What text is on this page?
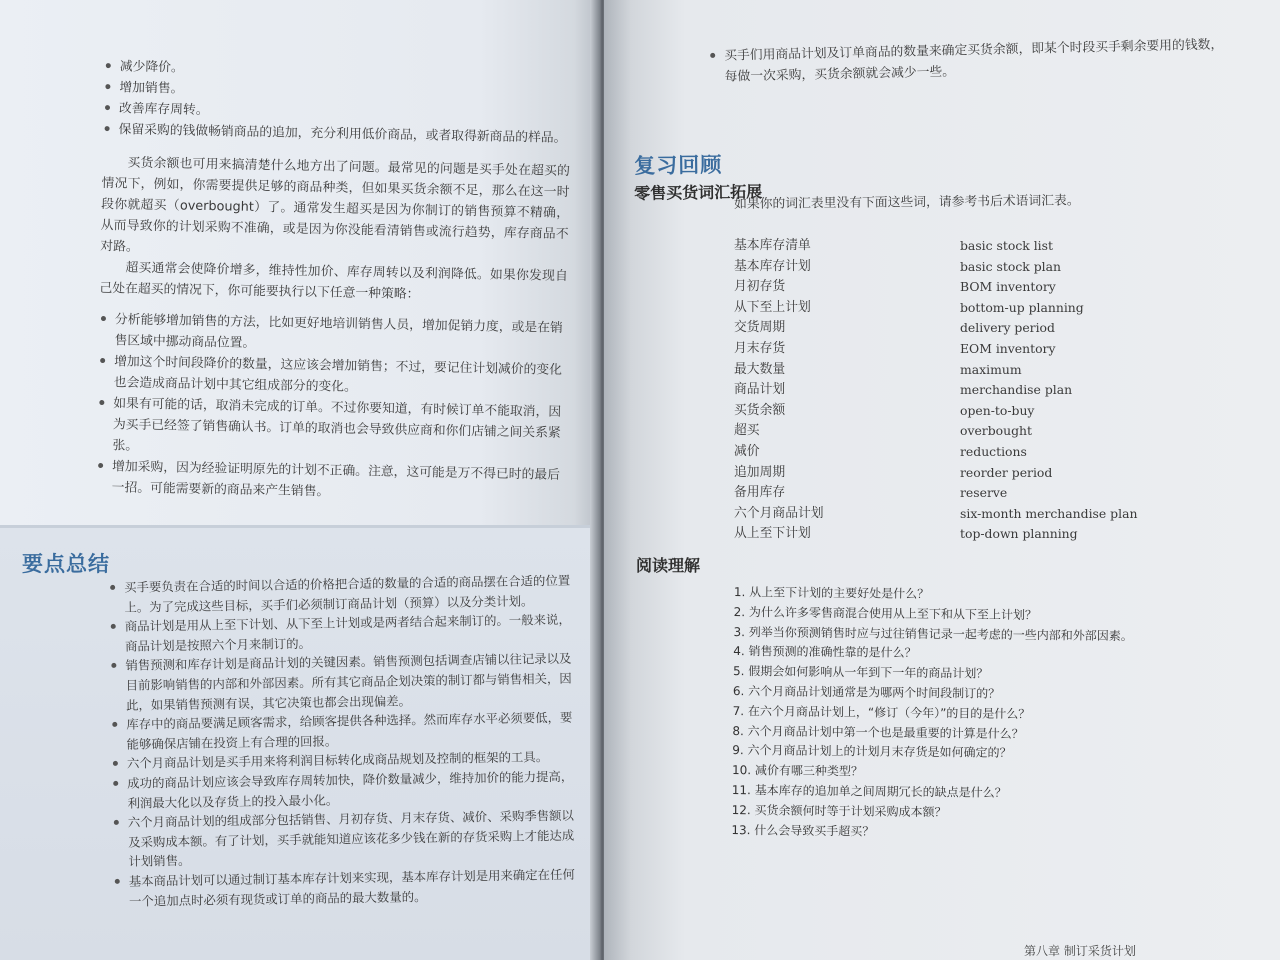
减少降价。
增加销售。
改善库存周转。
保留采购的钱做畅销商品的追加，充分利用低价商品，或者取得新商品的样品。

买货余额也可用来搞清楚什么地方出了问题。最常见的问题是买手处在超买的情况下，例如，你需要提供足够的商品种类，但如果买货余额不足，那么在这一时段你就超买（overbought）了。通常发生超买是因为你制订的销售预算不精确，从而导致你的计划采购不准确，或是因为你没能看清销售或流行趋势，库存商品不对路。

超买通常会使降价增多，维持性加价、库存周转以及利润降低。如果你发现自己处在超买的情况下，你可能要执行以下任意一种策略：

分析能够增加销售的方法，比如更好地培训销售人员，增加促销力度，或是在销售区域中挪动商品位置。
增加这个时间段降价的数量，这应该会增加销售；不过，要记住计划减价的变化也会造成商品计划中其它组成部分的变化。
如果有可能的话，取消未完成的订单。不过你要知道，有时候订单不能取消，因为买手已经签了销售确认书。订单的取消也会导致供应商和你们店铺之间关系紧张。
增加采购，因为经验证明原先的计划不正确。注意，这可能是万不得已时的最后一招。可能需要新的商品来产生销售。
要点总结
买手要负责在合适的时间以合适的价格把合适的数量的合适的商品摆在合适的位置上。为了完成这些目标，买手们必须制订商品计划（预算）以及分类计划。
商品计划是用从上至下计划、从下至上计划或是两者结合起来制订的。一般来说，商品计划是按照六个月来制订的。
销售预测和库存计划是商品计划的关键因素。销售预测包括调查店铺以往记录以及目前影响销售的内部和外部因素。所有其它商品企划决策的制订都与销售相关，因此，如果销售预测有误，其它决策也都会出现偏差。
库存中的商品要满足顾客需求，给顾客提供各种选择。然而库存水平必须要低，要能够确保店铺在投资上有合理的回报。
六个月商品计划是买手用来将利润目标转化成商品规划及控制的框架的工具。
成功的商品计划应该会导致库存周转加快，降价数量减少，维持加价的能力提高，利润最大化以及存货上的投入最小化。
六个月商品计划的组成部分包括销售、月初存货、月末存货、减价、采购季售额以及采购成本额。有了计划，买手就能知道应该花多少钱在新的存货采购上才能达成计划销售。
基本商品计划可以通过制订基本库存计划来实现，基本库存计划是用来确定在任何一个追加点时必须有现货或订单的商品的最大数量的。
买手们用商品计划及订单商品的数量来确定买货余额，即某个时段买手剩余要用的钱数，每做一次采购，买货余额就会减少一些。
复习回顾
零售买货词汇拓展
如果你的词汇表里没有下面这些词，请参考书后术语词汇表。
基本库存清单	basic stock list
基本库存计划	basic stock plan
月初存货	BOM inventory
从下至上计划	bottom-up planning
交货周期	delivery period
月末存货	EOM inventory
最大数量	maximum
商品计划	merchandise plan
买货余额	open-to-buy
超买	overbought
减价	reductions
追加周期	reorder period
备用库存	reserve
六个月商品计划	six-month merchandise plan
从上至下计划	top-down planning
阅读理解
1. 从上至下计划的主要好处是什么？
2. 为什么许多零售商混合使用从上至下和从下至上计划？
3. 列举当你预测销售时应与过往销售记录一起考虑的一些内部和外部因素。
4. 销售预测的准确性靠的是什么？
5. 假期会如何影响从一年到下一年的商品计划？
6. 六个月商品计划通常是为哪两个时间段制订的？
7. 在六个月商品计划上，“修订（今年）”的目的是什么？
8. 六个月商品计划中第一个也是最重要的计算是什么？
9. 六个月商品计划上的计划月末存货是如何确定的？
10. 减价有哪三种类型？
11. 基本库存的追加单之间周期冗长的缺点是什么？
12. 买货余额何时等于计划采购成本额？
13. 什么会导致买手超买？
第八章 制订采货计划
